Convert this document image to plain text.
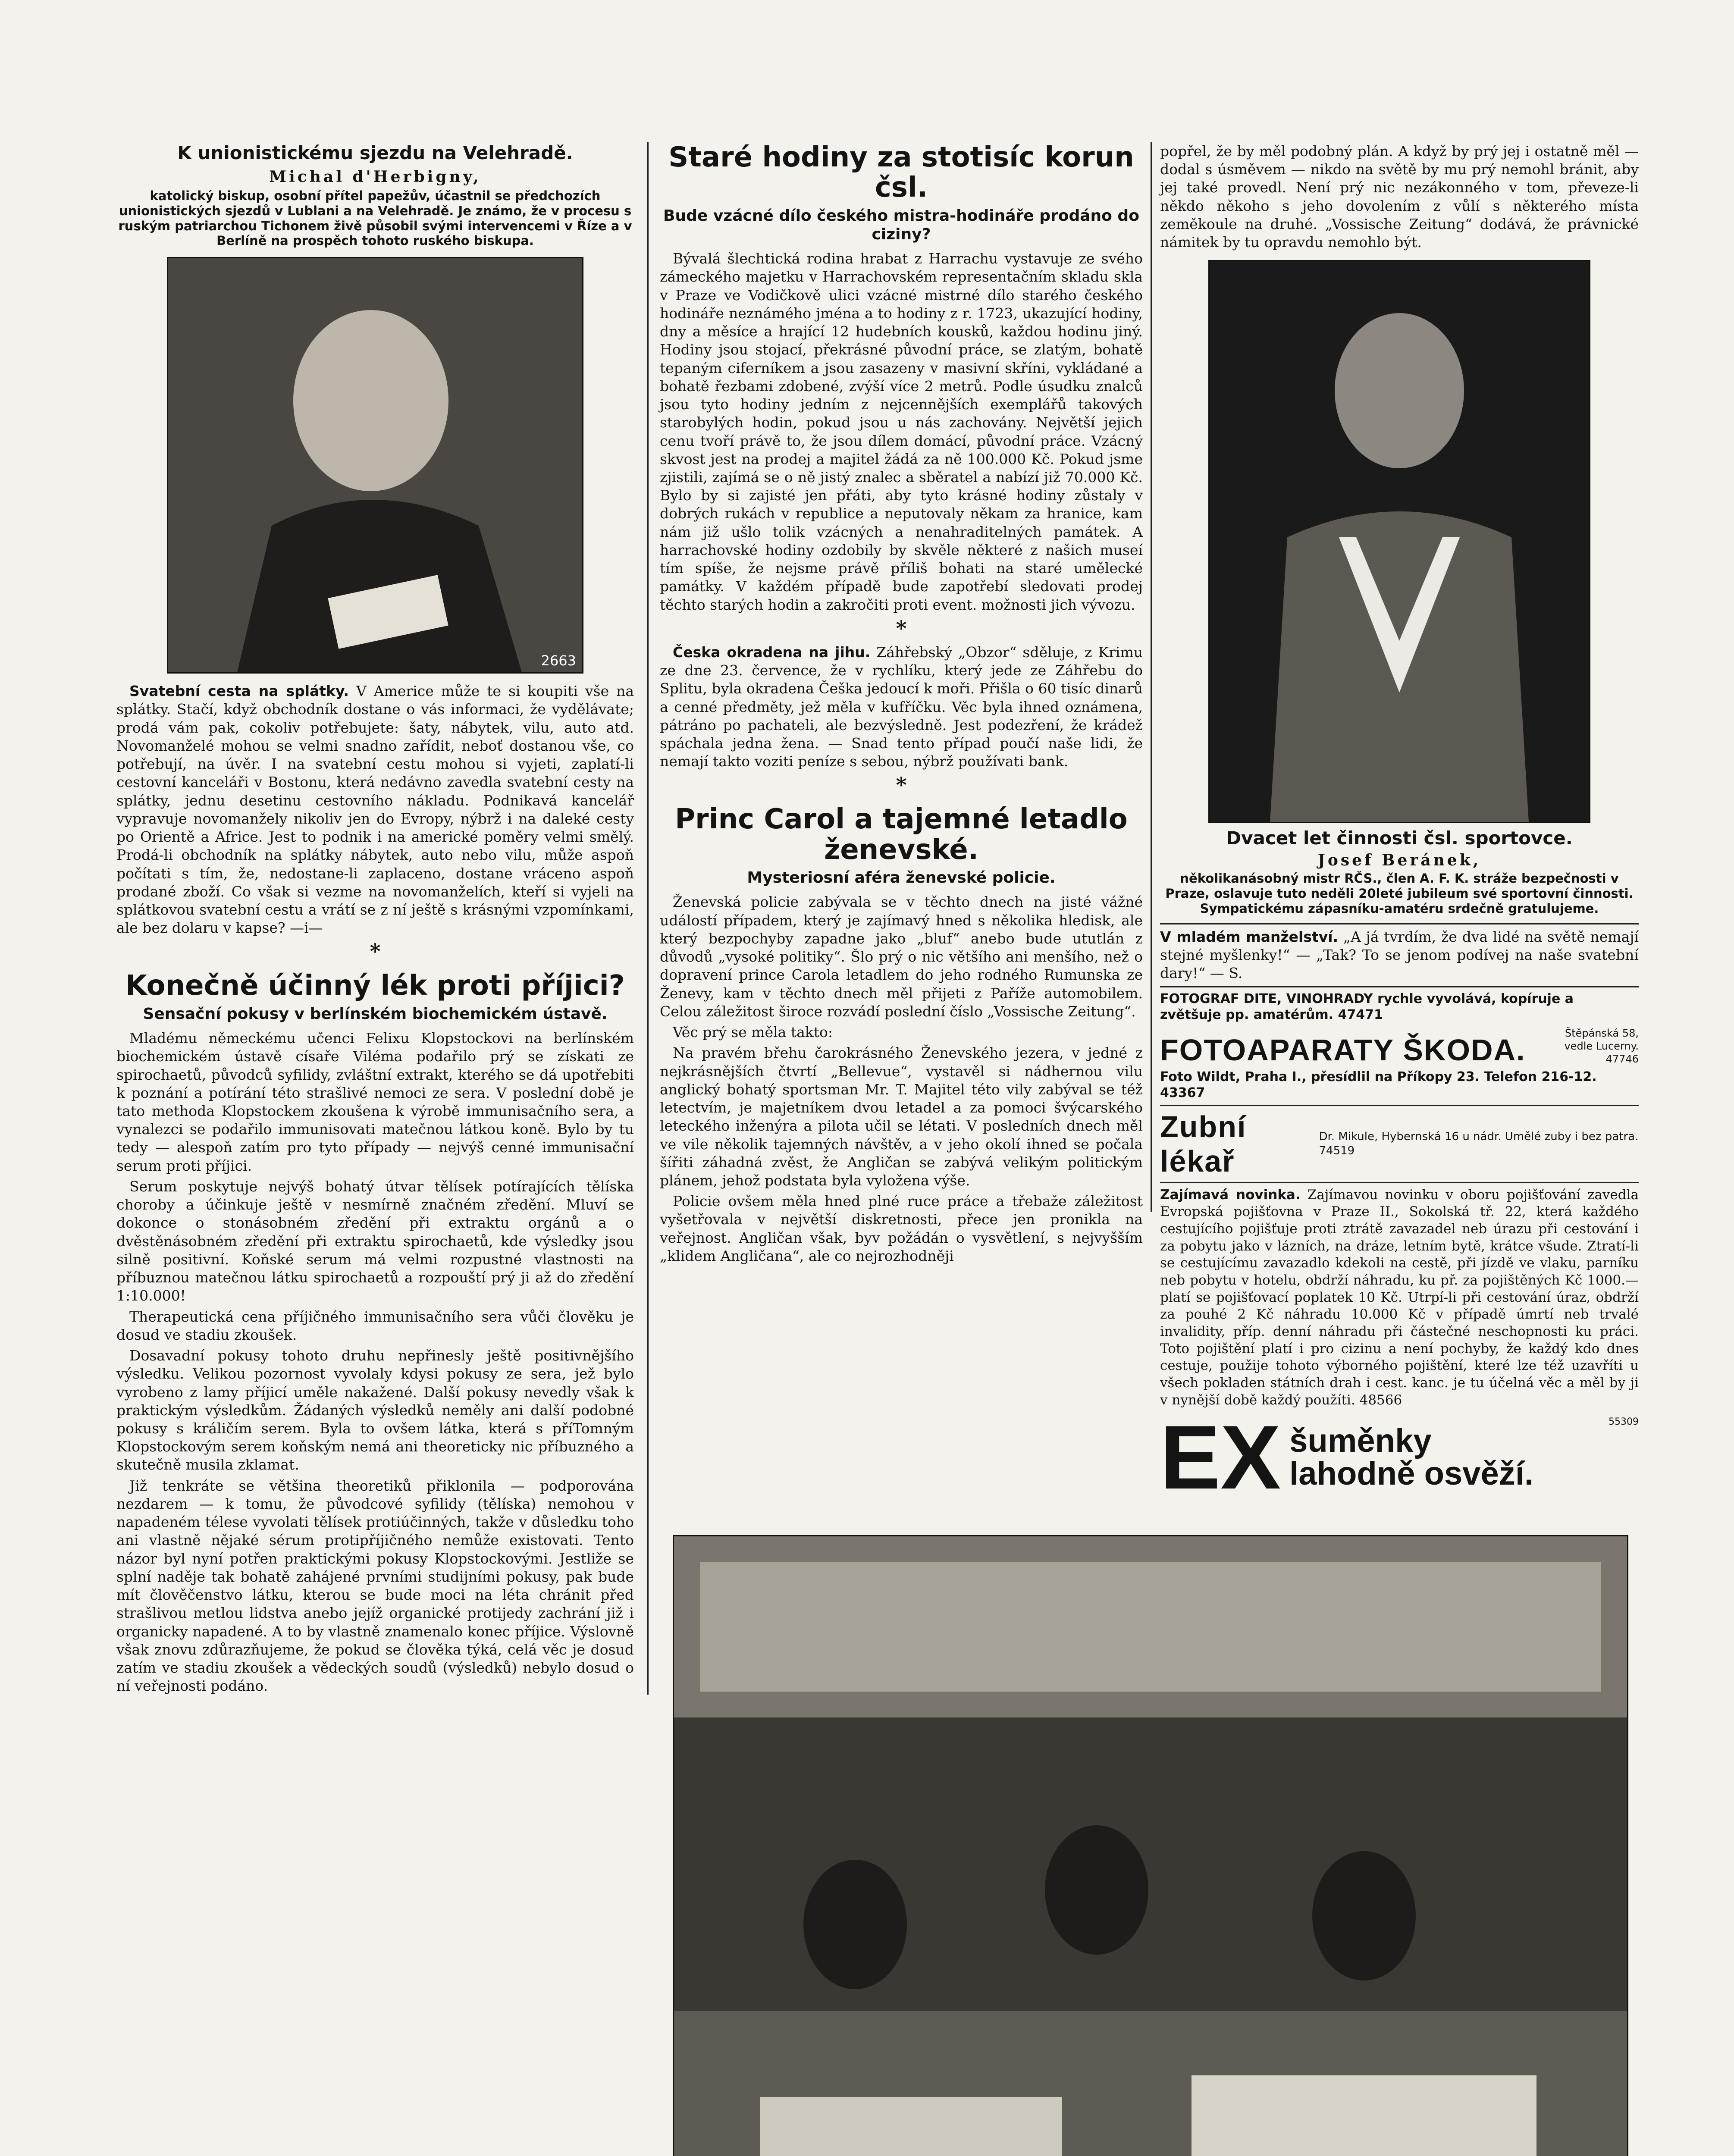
K unionistickému sjezdu na Velehradě.
Michal d'Herbigny,
katolický biskup, osobní přítel papežův, účastnil se předchozích unionistických sjezdů v Lublani a na Velehradě. Je známo, že v procesu s ruským patriarchou Tichonem živě působil svými intervencemi v Říze a v Berlíně na prospěch tohoto ruského biskupa.
2663

Svatební cesta na splátky. V Americe může te si koupiti vše na splátky. Stačí, když obchodník dostane o vás informaci, že vydělávate; prodá vám pak, cokoliv potřebujete: šaty, nábytek, vilu, auto atd. Novomanželé mohou se velmi snadno zařídit, neboť dostanou vše, co potřebují, na úvěr. I na svatební cestu mohou si vyjeti, zaplatí-li cestovní kanceláři v Bostonu, která nedávno zavedla svatební cesty na splátky, jednu desetinu cestovního nákladu. Podnikavá kancelář vypravuje novomanžely nikoliv jen do Evropy, nýbrž i na daleké cesty po Orientě a Africe. Jest to podnik i na americké poměry velmi smělý. Prodá-li obchodník na splátky nábytek, auto nebo vilu, může aspoň počítati s tím, že, nedostane-li zaplaceno, dostane vráceno aspoň prodané zboží. Co však si vezme na novomanželích, kteří si vyjeli na splátkovou svatební cestu a vrátí se z ní ještě s krásnými vzpomínkami, ale bez dolaru v kapse? —i—

*
Konečně účinný lék proti příjici?
Sensační pokusy v berlínském biochemickém ústavě.

Mladému německému učenci Felixu Klopstockovi na berlínském biochemickém ústavě císaře Viléma podařilo prý se získati ze spirochaetů, původců syfilidy, zvláštní extrakt, kterého se dá upotřebiti k poznání a potírání této strašlivé nemoci ze sera. V poslední době je tato methoda Klopstockem zkoušena k výrobě immunisačního sera, a vynalezci se podařilo immunisovati matečnou látkou koně. Bylo by tu tedy — alespoň zatím pro tyto případy — nejvýš cenné immunisační serum proti příjici.

Serum poskytuje nejvýš bohatý útvar tělísek potírajících tělíska choroby a účinkuje ještě v nesmírně značném zředění. Mluví se dokonce o stonásobném zředění při extraktu orgánů a o dvěstěnásobném zředění při extraktu spirochaetů, kde výsledky jsou silně positivní. Koňské serum má velmi rozpustné vlastnosti na příbuznou matečnou látku spirochaetů a rozpouští prý ji až do zředění 1:10.000!

Therapeutická cena příjičného immunisačního sera vůči člověku je dosud ve stadiu zkoušek.

Dosavadní pokusy tohoto druhu nepřinesly ještě positivnějšího výsledku. Velikou pozornost vyvolaly kdysi pokusy ze sera, jež bylo vyrobeno z lamy příjicí uměle nakažené. Další pokusy nevedly však k praktickým výsledkům. Žádaných výsledků neměly ani další podobné pokusy s králičím serem. Byla to ovšem látka, která s příTomným Klopstockovým serem koňským nemá ani theoreticky nic příbuzného a skutečně musila zklamat.

Již tenkráte se většina theoretiků přiklonila — podporována nezdarem — k tomu, že původcové syfilidy (tělíska) nemohou v napadeném télese vyvolati tělísek protiúčinných, takže v důsledku toho ani vlastně nějaké sérum protipříjičného nemůže existovati. Tento názor byl nyní potřen praktickými pokusy Klopstockovými. Jestliže se splní naděje tak bohatě zahájené prvními studijními pokusy, pak bude mít člověčenstvo látku, kterou se bude moci na léta chránit před strašlivou metlou lidstva anebo jejíž organické protijedy zachrání již i organicky napadené. A to by vlastně znamenalo konec příjice. Výslovně však znovu zdůrazňujeme, že pokud se člověka týká, celá věc je dosud zatím ve stadiu zkoušek a vědeckých soudů (výsledků) nebylo dosud o ní veřejnosti podáno.

Staré hodiny za stotisíc korun čsl.
Bude vzácné dílo českého mistra-hodináře prodáno do ciziny?

Bývalá šlechtická rodina hrabat z Harrachu vystavuje ze svého zámeckého majetku v Harrachovském representačním skladu skla v Praze ve Vodičkově ulici vzácné mistrné dílo starého českého hodináře neznámého jména a to hodiny z r. 1723, ukazující hodiny, dny a měsíce a hrající 12 hudebních kousků, každou hodinu jiný. Hodiny jsou stojací, překrásné původní práce, se zlatým, bohatě tepaným ciferníkem a jsou zasazeny v masivní skříni, vykládané a bohatě řezbami zdobené, zvýší více 2 metrů. Podle úsudku znalců jsou tyto hodiny jedním z nejcennějších exemplářů takových starobylých hodin, pokud jsou u nás zachovány. Největší jejich cenu tvoří právě to, že jsou dílem domácí, původní práce. Vzácný skvost jest na prodej a majitel žádá za ně 100.000 Kč. Pokud jsme zjistili, zajímá se o ně jistý znalec a sběratel a nabízí již 70.000 Kč. Bylo by si zajisté jen přáti, aby tyto krásné hodiny zůstaly v dobrých rukách v republice a neputovaly někam za hranice, kam nám již ušlo tolik vzácných a nenahraditelných památek. A harrachovské hodiny ozdobily by skvěle některé z našich museí tím spíše, že nejsme právě příliš bohati na staré umělecké památky. V každém případě bude zapotřebí sledovati prodej těchto starých hodin a zakročiti proti event. možnosti jich vývozu.

*

Česka okradena na jihu. Záhřebský „Obzor“ sděluje, z Krimu ze dne 23. července, že v rychlíku, který jede ze Záhřebu do Splitu, byla okradena Češka jedoucí k moři. Přišla o 60 tisíc dinarů a cenné předměty, jež měla v kufříčku. Věc byla ihned oznámena, pátráno po pachateli, ale bezvýsledně. Jest podezření, že krádež spáchala jedna žena. — Snad tento případ poučí naše lidi, že nemají takto voziti peníze s sebou, nýbrž používati bank.

*
Princ Carol a tajemné letadlo ženevské.
Mysteriosní aféra ženevské policie.

Ženevská policie zabývala se v těchto dnech na jisté vážné událostí případem, který je zajímavý hned s několika hledisk, ale který bezpochyby zapadne jako „bluf“ anebo bude ututlán z důvodů „vysoké politiky“. Šlo prý o nic většího ani menšího, než o dopravení prince Carola letadlem do jeho rodného Rumunska ze Ženevy, kam v těchto dnech měl přijeti z Paříže automobilem. Celou záležitost široce rozvádí poslední číslo „Vossische Zeitung“.

Věc prý se měla takto:

Na pravém břehu čarokrásného Ženevského jezera, v jedné z nejkrásnějších čtvrtí „Bellevue“, vystavěl si nádhernou vilu anglický bohatý sportsman Mr. T. Majitel této vily zabýval se též letectvím, je majetníkem dvou letadel a za pomoci švýcarského leteckého inženýra a pilota učil se létati. V posledních dnech měl ve vile několik tajemných návštěv, a v jeho okolí ihned se počala šířiti záhadná zvěst, že Angličan se zabývá velikým politickým plánem, jehož podstata byla vyložena výše.

Policie ovšem měla hned plné ruce práce a třebaže záležitost vyšetřovala v největší diskretnosti, přece jen pronikla na veřejnost. Angličan však, byv požádán o vysvětlení, s nejvyšším „klidem Angličana“, ale co nejrozhodněji

popřel, že by měl podobný plán. A když by prý jej i ostatně měl — dodal s úsměvem — nikdo na světě by mu prý nemohl bránit, aby jej také provedl. Není prý nic nezákonného v tom, převeze-li někdo někoho s jeho dovolením z vůlí s některého místa zeměkoule na druhé. „Vossische Zeitung“ dodává, že právnické námitek by tu opravdu nemohlo být.

Dvacet let činnosti čsl. sportovce.
Josef Beránek,
několikanásobný mistr RČS., člen A. F. K. stráže bezpečnosti v Praze, oslavuje tuto neděli 20leté jubileum své sportovní činnosti. Sympatickému zápasníku-amatéru srdečně gratulujeme.

V mladém manželství. „A já tvrdím, že dva lidé na světě nemají stejné myšlenky!“ — „Tak? To se jenom podívej na naše svatební dary!“ — S.

FOTOGRAF DITE, VINOHRADY rychle vyvolává, kopíruje a zvětšuje pp. amatérům. 47471
FOTOAPARATY ŠKODA.	Štěpánská 58, vedle Lucerny. 47746
Foto Wildt, Praha I., přesídlil na Příkopy 23. Telefon 216-12. 43367
Zubní lékař
Dr. Mikule, Hybernská 16 u nádr. Umělé zuby i bez patra. 74519

Zajímavá novinka. Zajímavou novinku v oboru pojišťování zavedla Evropská pojišťovna v Praze II., Sokolská tř. 22, která každého cestujícího pojišťuje proti ztrátě zavazadel neb úrazu při cestování i za pobytu jako v lázních, na dráze, letním bytě, krátce všude. Ztratí-li se cestujícímu zavazadlo kdekoli na cestě, při jízdě ve vlaku, parníku neb pobytu v hotelu, obdrží náhradu, ku př. za pojištěných Kč 1000.— platí se pojišťovací poplatek 10 Kč. Utrpí-li při cestování úraz, obdrží za pouhé 2 Kč náhradu 10.000 Kč v případě úmrtí neb trvalé invalidity, příp. denní náhradu při částečné neschopnosti ku práci. Toto pojištění platí i pro cizinu a není pochyby, že každý kdo dnes cestuje, použije tohoto výborného pojištění, které lze též uzavříti u všech pokladen státních drah i cest. kanc. je tu účelná věc a měl by ji v nynější době každý použíti. 48566

EX šuměnky
lahodně osvěží.
55309
